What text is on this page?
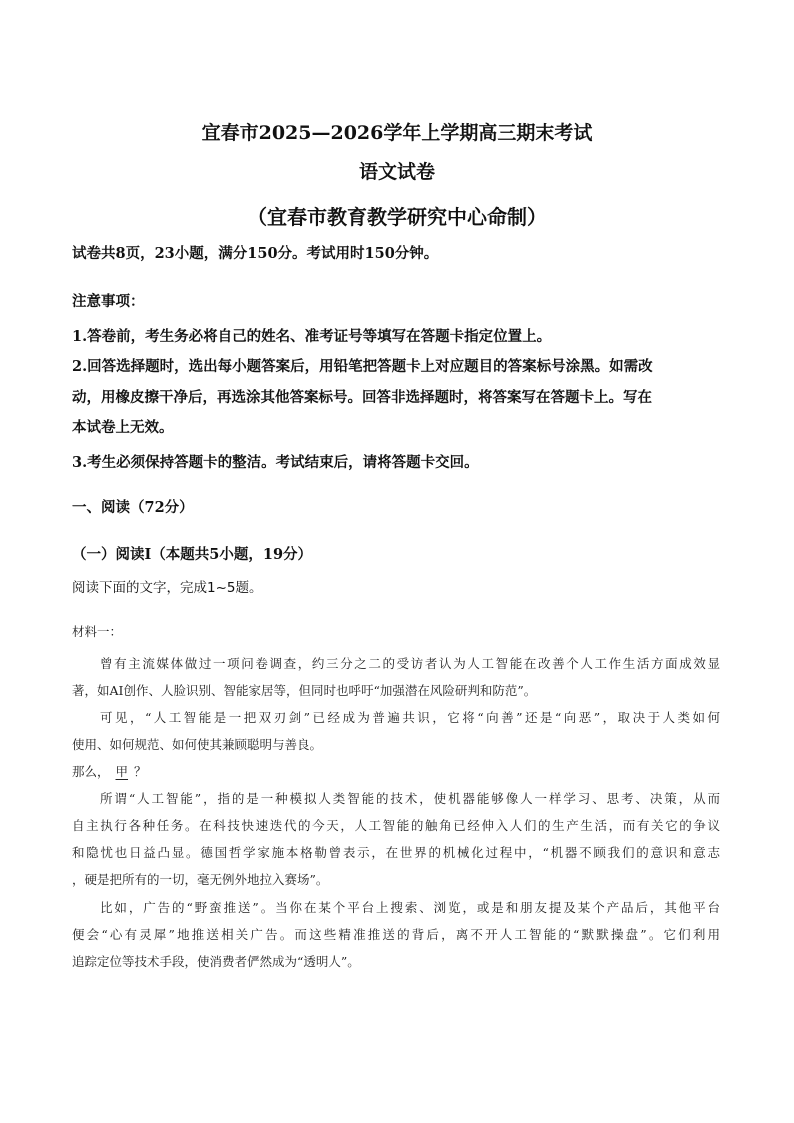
宜春市2025—2026学年上学期高三期末考试
语文试卷
（宜春市教育教学研究中心命制）
试卷共8页，23小题，满分150分。考试用时150分钟。
注意事项：
1.答卷前，考生务必将自己的姓名、准考证号等填写在答题卡指定位置上。
2.回答选择题时，选出每小题答案后，用铅笔把答题卡上对应题目的答案标号涂黑。如需改
动，用橡皮擦干净后，再选涂其他答案标号。回答非选择题时，将答案写在答题卡上。写在
本试卷上无效。
3.考生必须保持答题卡的整洁。考试结束后，请将答题卡交回。
一、阅读（72分）
（一）阅读Ⅰ（本题共5小题，19分）
阅读下面的文字，完成1~5题。
材料一：
曾有主流媒体做过一项问卷调查，约三分之二的受访者认为人工智能在改善个人工作生活方面成效显
著，如AI创作、人脸识别、智能家居等，但同时也呼吁“加强潜在风险研判和防范”。
可见，“人工智能是一把双刃剑”已经成为普遍共识，它将“向善”还是“向恶”，取决于人类如何
使用、如何规范、如何使其兼顾聪明与善良。
那么， 甲 ？
所谓“人工智能”，指的是一种模拟人类智能的技术，使机器能够像人一样学习、思考、决策，从而
自主执行各种任务。在科技快速迭代的今天，人工智能的触角已经伸入人们的生产生活，而有关它的争议
和隐忧也日益凸显。德国哲学家施本格勒曾表示，在世界的机械化过程中，“机器不顾我们的意识和意志
，硬是把所有的一切，毫无例外地拉入赛场”。
比如，广告的“野蛮推送”。当你在某个平台上搜索、浏览，或是和朋友提及某个产品后，其他平台
便会“心有灵犀”地推送相关广告。而这些精准推送的背后，离不开人工智能的“默默操盘”。它们利用
追踪定位等技术手段，使消费者俨然成为“透明人”。
